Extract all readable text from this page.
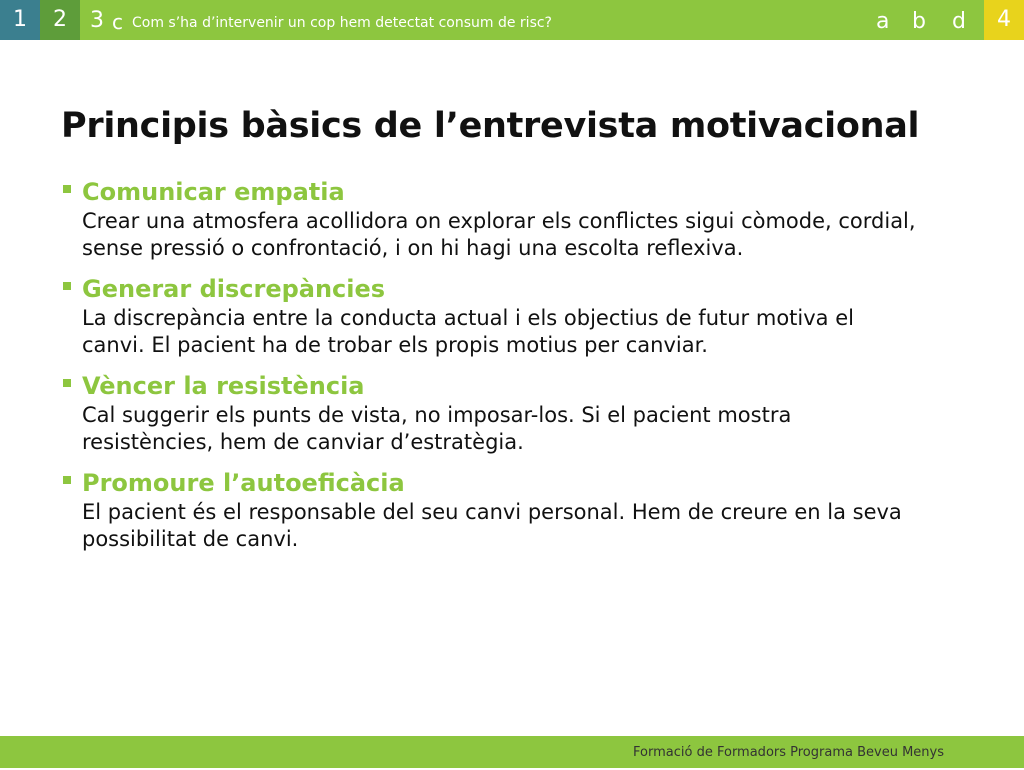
1	2	3 c Com s’ha d’intervenir un cop hem detectat consum de risc?	a b d	4
Principis bàsics de l’entrevista motivacional
Comunicar empatia
Crear una atmosfera acollidora on explorar els conflictes sigui còmode, cordial, sense pressió o confrontació, i on hi hagi una escolta reflexiva.
Generar discrepàncies
La discrepància entre la conducta actual i els objectius de futur motiva el canvi. El pacient ha de trobar els propis motius per canviar.
Vèncer la resistència
Cal suggerir els punts de vista, no imposar-los. Si el pacient mostra resistències, hem de canviar d’estratègia.
Promoure l’autoeficàcia
El pacient és el responsable del seu canvi personal. Hem de creure en la seva possibilitat de canvi.
Formació de Formadors Programa Beveu Menys
